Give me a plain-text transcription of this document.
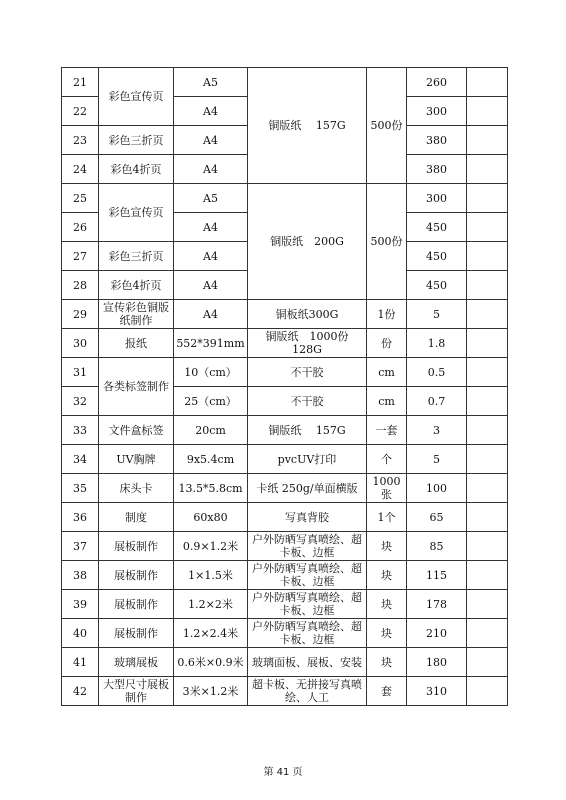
21	彩色宣传页	A5	铜版纸　 157G	500份	260	
22		A4			300	
23	彩色三折页	A4			380	
24	彩色4折页	A4			380	
25	彩色宣传页	A5	铜版纸　200G	500份	300	
26		A4			450	
27	彩色三折页	A4			450	
28	彩色4折页	A4			450	
29	宣传彩色铜版纸制作	A4	铜板纸300G	1份	5	
30	报纸	552*391mm	铜版纸　1000份 128G	份	1.8	
31	各类标签制作	10（cm）	不干胶	cm	0.5	
32		25（cm）	不干胶	cm	0.7	
33	文件盒标签	20cm	铜版纸　 157G	一套	3	
34	UV胸牌	9x5.4cm	pvcUV打印	个	5	
35	床头卡	13.5*5.8cm	卡纸 250g/单面横版	1000张	100	
36	制度	60x80	写真背胶	1个	65	
37	展板制作	0.9×1.2米	户外防晒写真喷绘、超卡板、边框	块	85	
38	展板制作	1×1.5米	户外防晒写真喷绘、超卡板、边框	块	115	
39	展板制作	1.2×2米	户外防晒写真喷绘、超卡板、边框	块	178	
40	展板制作	1.2×2.4米	户外防晒写真喷绘、超卡板、边框	块	210	
41	玻璃展板	0.6米×0.9米	玻璃面板、展板、安装	块	180	
42	大型尺寸展板制作	3米×1.2米	超卡板、无拼接写真喷绘、人工	套	310	
第 41 页
